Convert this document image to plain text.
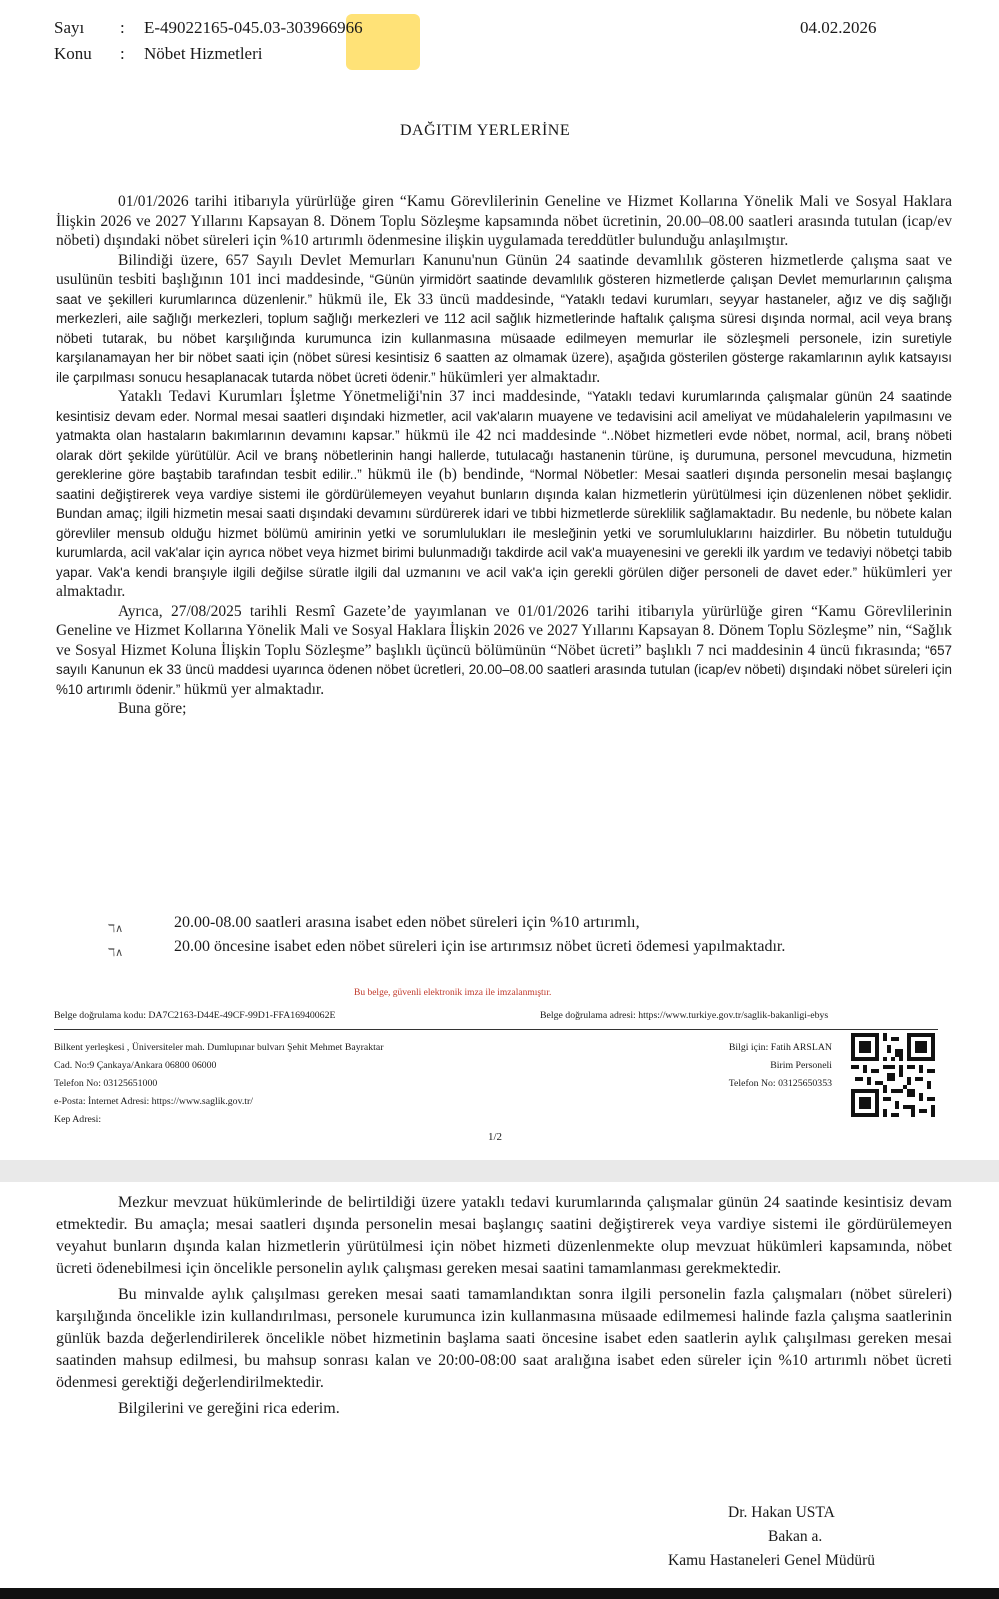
Sayı : E-49022165-045.03-303966966	04.02.2026
Konu : Nöbet Hizmetleri
DAĞITIM YERLERİNE

01/01/2026 tarihi itibarıyla yürürlüğe giren “Kamu Görevlilerinin Geneline ve Hizmet Kollarına Yönelik Mali ve Sosyal Haklara İlişkin 2026 ve 2027 Yıllarını Kapsayan 8. Dönem Toplu Sözleşme kapsamında nöbet ücretinin, 20.00–08.00 saatleri arasında tutulan (icap/ev nöbeti) dışındaki nöbet süreleri için %10 artırımlı ödenmesine ilişkin uygulamada tereddütler bulunduğu anlaşılmıştır.

Bilindiği üzere, 657 Sayılı Devlet Memurları Kanunu'nun Günün 24 saatinde devamlılık gösteren hizmetlerde çalışma saat ve usulünün tesbiti başlığının 101 inci maddesinde, “Günün yirmidört saatinde devamlılık gösteren hizmetlerde çalışan Devlet memurlarının çalışma saat ve şekilleri kurumlarınca düzenlenir.” hükmü ile, Ek 33 üncü maddesinde, “Yataklı tedavi kurumları, seyyar hastaneler, ağız ve diş sağlığı merkezleri, aile sağlığı merkezleri, toplum sağlığı merkezleri ve 112 acil sağlık hizmetlerinde haftalık çalışma süresi dışında normal, acil veya branş nöbeti tutarak, bu nöbet karşılığında kurumunca izin kullanmasına müsaade edilmeyen memurlar ile sözleşmeli personele, izin suretiyle karşılanamayan her bir nöbet saati için (nöbet süresi kesintisiz 6 saatten az olmamak üzere), aşağıda gösterilen gösterge rakamlarının aylık katsayısı ile çarpılması sonucu hesaplanacak tutarda nöbet ücreti ödenir.” hükümleri yer almaktadır.

Yataklı Tedavi Kurumları İşletme Yönetmeliği'nin 37 inci maddesinde, “Yataklı tedavi kurumlarında çalışmalar günün 24 saatinde kesintisiz devam eder. Normal mesai saatleri dışındaki hizmetler, acil vak'aların muayene ve tedavisini acil ameliyat ve müdahalelerin yapılmasını ve yatmakta olan hastaların bakımlarının devamını kapsar.” hükmü ile 42 nci maddesinde “..Nöbet hizmetleri evde nöbet, normal, acil, branş nöbeti olarak dört şekilde yürütülür. Acil ve branş nöbetlerinin hangi hallerde, tutulacağı hastanenin türüne, iş durumuna, personel mevcuduna, hizmetin gereklerine göre baştabib tarafından tesbit edilir..” hükmü ile (b) bendinde, “Normal Nöbetler: Mesai saatleri dışında personelin mesai başlangıç saatini değiştirerek veya vardiye sistemi ile gördürülemeyen veyahut bunların dışında kalan hizmetlerin yürütülmesi için düzenlenen nöbet şeklidir. Bundan amaç; ilgili hizmetin mesai saati dışındaki devamını sürdürerek idari ve tıbbi hizmetlerde süreklilik sağlamaktadır. Bu nedenle, bu nöbete kalan görevliler mensub olduğu hizmet bölümü amirinin yetki ve sorumlulukları ile mesleğinin yetki ve sorumluluklarını haizdirler. Bu nöbetin tutulduğu kurumlarda, acil vak'alar için ayrıca nöbet veya hizmet birimi bulunmadığı takdirde acil vak'a muayenesini ve gerekli ilk yardım ve tedaviyi nöbetçi tabib yapar. Vak'a kendi branşıyle ilgili değilse süratle ilgili dal uzmanını ve acil vak'a için gerekli görülen diğer personeli de davet eder.” hükümleri yer almaktadır.

Ayrıca, 27/08/2025 tarihli Resmî Gazete’de yayımlanan ve 01/01/2026 tarihi itibarıyla yürürlüğe giren “Kamu Görevlilerinin Geneline ve Hizmet Kollarına Yönelik Mali ve Sosyal Haklara İlişkin 2026 ve 2027 Yıllarını Kapsayan 8. Dönem Toplu Sözleşme” nin, “Sağlık ve Sosyal Hizmet Koluna İlişkin Toplu Sözleşme” başlıklı üçüncü bölümünün “Nöbet ücreti” başlıklı 7 nci maddesinin 4 üncü fıkrasında; “657 sayılı Kanunun ek 33 üncü maddesi uyarınca ödenen nöbet ücretleri, 20.00–08.00 saatleri arasında tutulan (icap/ev nöbeti) dışındaki nöbet süreleri için %10 artırımlı ödenir.” hükmü yer almaktadır.

Buna göre;

ℸ∧	20.00-08.00 saatleri arasına isabet eden nöbet süreleri için %10 artırımlı,
ℸ∧	20.00 öncesine isabet eden nöbet süreleri için ise artırımsız nöbet ücreti ödemesi yapılmaktadır.
Bu belge, güvenli elektronik imza ile imzalanmıştır.
Belge doğrulama kodu: DA7C2163-D44E-49CF-99D1-FFA16940062E	Belge doğrulama adresi: https://www.turkiye.gov.tr/saglik-bakanligi-ebys
Bilkent yerleşkesi , Üniversiteler mah. Dumlupınar bulvarı Şehit Mehmet Bayraktar
Cad. No:9 Çankaya/Ankara 06800 06000
Telefon No: 03125651000
e-Posta: İnternet Adresi: https://www.saglik.gov.tr/
Kep Adresi:
Bilgi için: Fatih ARSLAN
Birim Personeli
Telefon No: 03125650353
1/2

Mezkur mevzuat hükümlerinde de belirtildiği üzere yataklı tedavi kurumlarında çalışmalar günün 24 saatinde kesintisiz devam etmektedir. Bu amaçla; mesai saatleri dışında personelin mesai başlangıç saatini değiştirerek veya vardiye sistemi ile gördürülemeyen veyahut bunların dışında kalan hizmetlerin yürütülmesi için nöbet hizmeti düzenlenmekte olup mevzuat hükümleri kapsamında, nöbet ücreti ödenebilmesi için öncelikle personelin aylık çalışması gereken mesai saatini tamamlanması gerekmektedir.

Bu minvalde aylık çalışılması gereken mesai saati tamamlandıktan sonra ilgili personelin fazla çalışmaları (nöbet süreleri) karşılığında öncelikle izin kullandırılması, personele kurumunca izin kullanmasına müsaade edilmemesi halinde fazla çalışma saatlerinin günlük bazda değerlendirilerek öncelikle nöbet hizmetinin başlama saati öncesine isabet eden saatlerin aylık çalışılması gereken mesai saatinden mahsup edilmesi, bu mahsup sonrası kalan ve 20:00-08:00 saat aralığına isabet eden süreler için %10 artırımlı nöbet ücreti ödenmesi gerektiği değerlendirilmektedir.

Bilgilerini ve gereğini rica ederim.

Dr. Hakan USTA
Bakan a.
Kamu Hastaneleri Genel Müdürü
